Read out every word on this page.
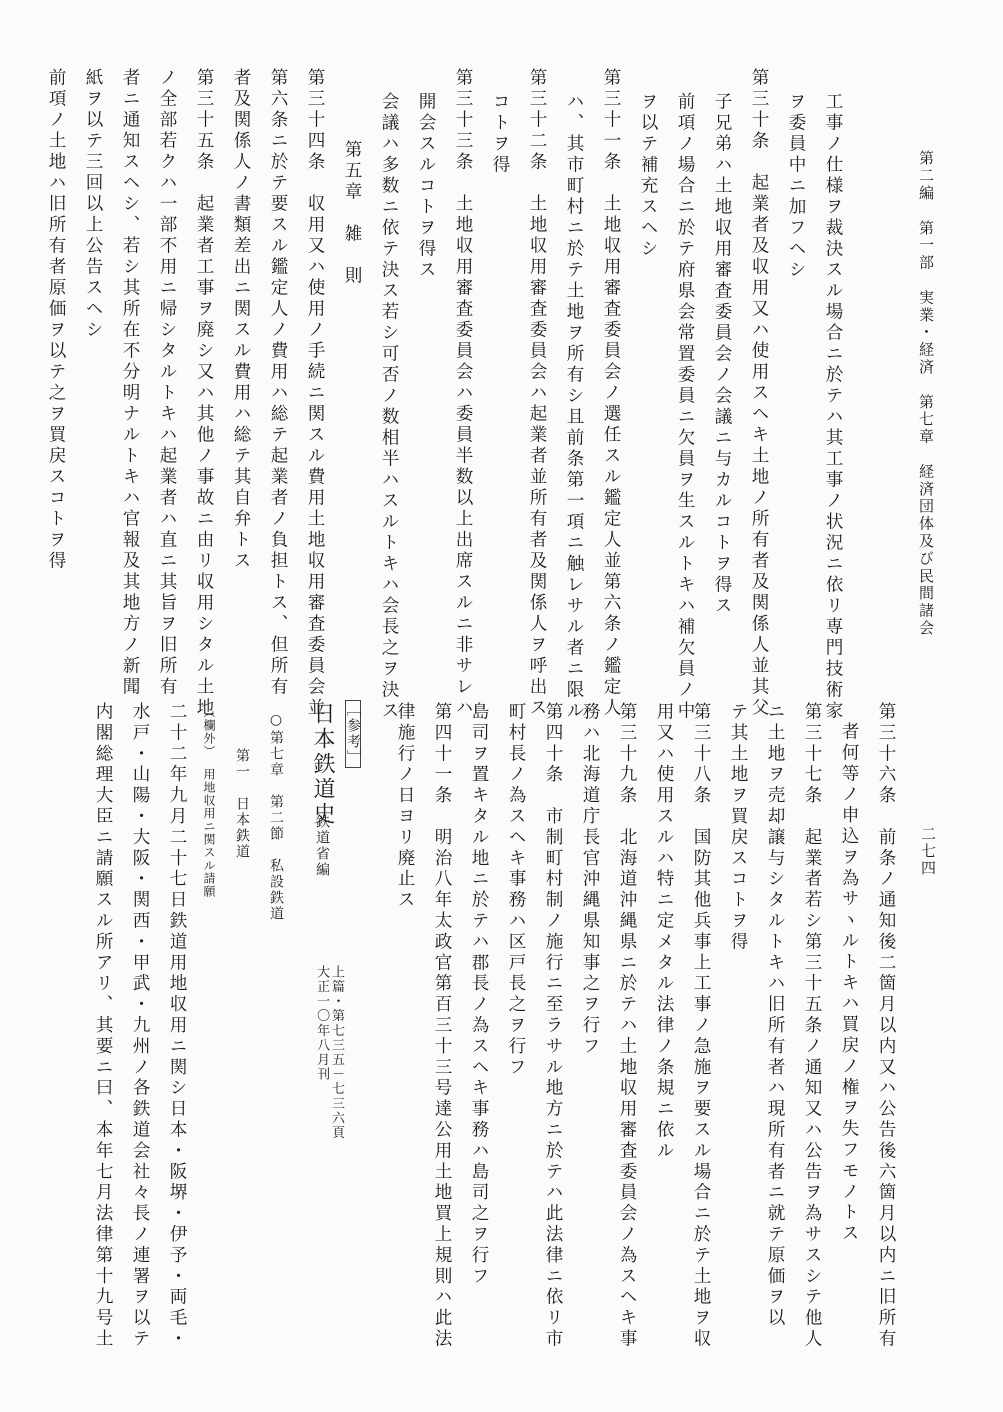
第二編　第一部　実業・経済　第七章　経済団体及び民間諸会
二七四
工事ノ仕様ヲ裁決スル場合ニ於テハ其工事ノ状況ニ依リ専門技術家
ヲ委員中ニ加フヘシ
第三十条　起業者及収用又ハ使用スヘキ土地ノ所有者及関係人並其父
子兄弟ハ土地収用審査委員会ノ会議ニ与カルコトヲ得ス
前項ノ場合ニ於テ府県会常置委員ニ欠員ヲ生スルトキハ補欠員ノ中
ヲ以テ補充スヘシ
第三十一条　土地収用審査委員会ノ選任スル鑑定人並第六条ノ鑑定人
ハ、其市町村ニ於テ土地ヲ所有シ且前条第一項ニ触レサル者ニ限ル
第三十二条　土地収用審査委員会ハ起業者並所有者及関係人ヲ呼出ス
コトヲ得
第三十三条　土地収用審査委員会ハ委員半数以上出席スルニ非サレハ
開会スルコトヲ得ス
会議ハ多数ニ依テ決ス若シ可否ノ数相半ハスルトキハ会長之ヲ決ス
第五章　雑　則
第三十四条　収用又ハ使用ノ手続ニ関スル費用土地収用審査委員会並
第六条ニ於テ要スル鑑定人ノ費用ハ総テ起業者ノ負担トス、但所有
者及関係人ノ書類差出ニ関スル費用ハ総テ其自弁トス
第三十五条　起業者工事ヲ廃シ又ハ其他ノ事故ニ由リ収用シタル土地
ノ全部若クハ一部不用ニ帰シタルトキハ起業者ハ直ニ其旨ヲ旧所有
者ニ通知スヘシ、若シ其所在不分明ナルトキハ官報及其地方ノ新聞
紙ヲ以テ三回以上公告スヘシ
前項ノ土地ハ旧所有者原価ヲ以テ之ヲ買戻スコトヲ得
第三十六条　前条ノ通知後二箇月以内又ハ公告後六箇月以内ニ旧所有
者何等ノ申込ヲ為サヽルトキハ買戻ノ権ヲ失フモノトス
第三十七条　起業者若シ第三十五条ノ通知又ハ公告ヲ為サスシテ他人
ニ土地ヲ売却譲与シタルトキハ旧所有者ハ現所有者ニ就テ原価ヲ以
テ其土地ヲ買戻スコトヲ得
第三十八条　国防其他兵事上工事ノ急施ヲ要スル場合ニ於テ土地ヲ収
用又ハ使用スルハ特ニ定メタル法律ノ条規ニ依ル
第三十九条　北海道沖縄県ニ於テハ土地収用審査委員会ノ為スヘキ事
務ハ北海道庁長官沖縄県知事之ヲ行フ
第四十条　市制町村制ノ施行ニ至ラサル地方ニ於テハ此法律ニ依リ市
町村長ノ為スヘキ事務ハ区戸長之ヲ行フ
島司ヲ置キタル地ニ於テハ郡長ノ為スヘキ事務ハ島司之ヲ行フ
第四十一条　明治八年太政官第百三十三号達公用土地買上規則ハ此法
律施行ノ日ヨリ廃止ス
［参考］
日本鉄道史
鉄道省編
上篇・第七三五－七三六頁
大正一〇年八月刊
○第七章　第二節　私設鉄道
第一　日本鉄道
（欄外）用地収用ニ関スル請願
二十二年九月二十七日鉄道用地収用ニ関シ日本・阪堺・伊予・両毛・
水戸・山陽・大阪・関西・甲武・九州ノ各鉄道会社々長ノ連署ヲ以テ
内閣総理大臣ニ請願スル所アリ、其要ニ曰、本年七月法律第十九号土
